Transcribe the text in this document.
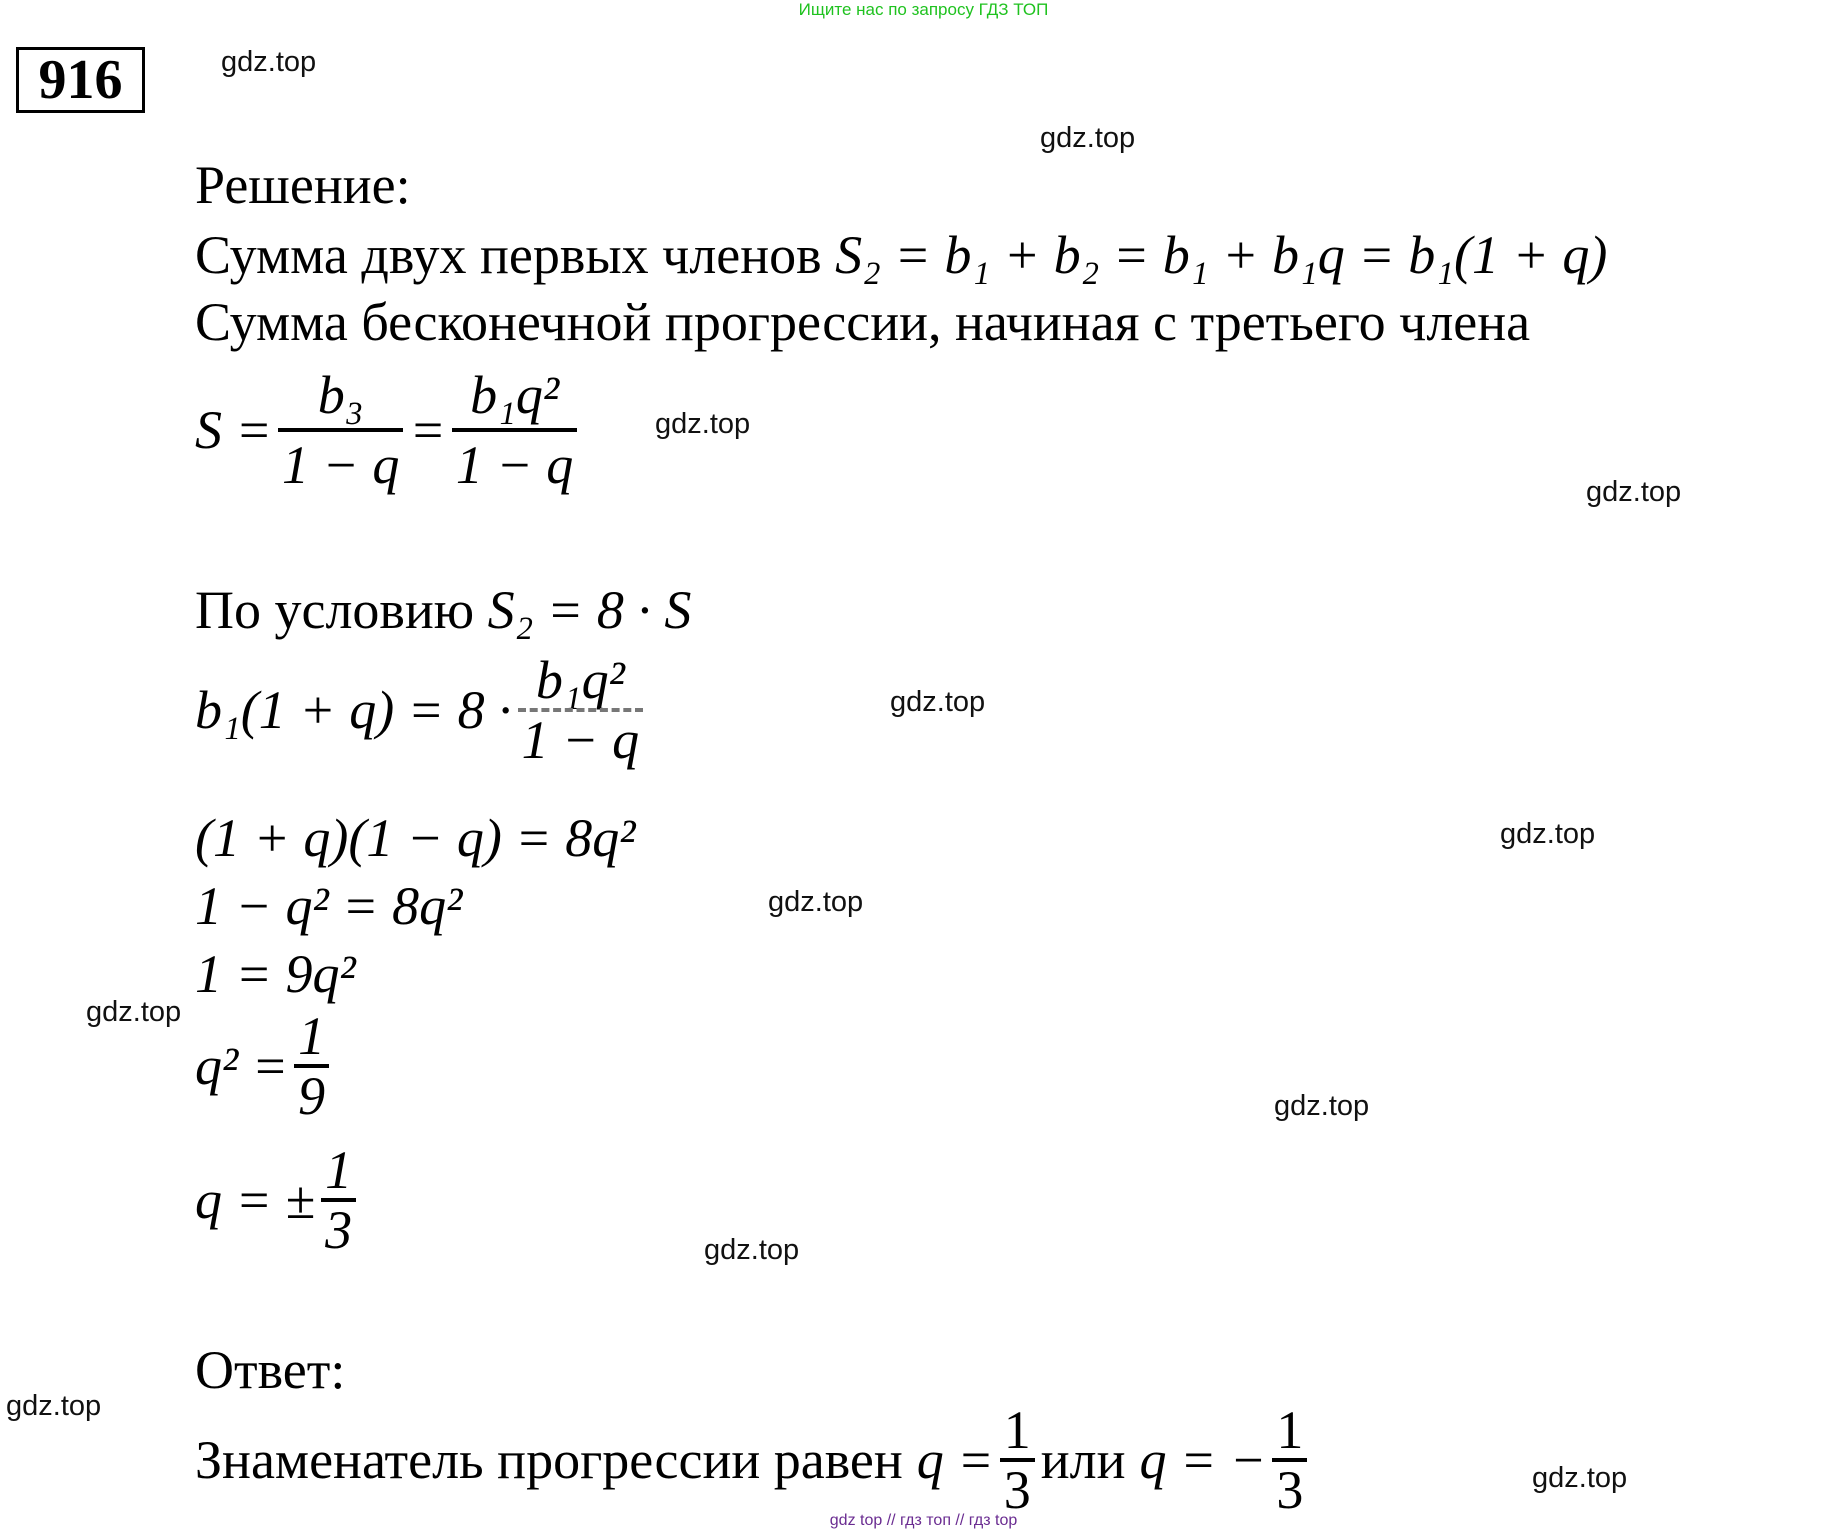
Ищите нас по запросу ГДЗ ТОП
916	gdz.top
gdz.top
gdz.top
gdz.top
gdz.top
gdz.top
gdz.top
gdz.top
gdz.top
gdz.top
gdz.top
gdz.top
Решение:
Сумма двух первых членов S₂ = b₁ + b₂ = b₁ + b₁q = b₁(1 + q)
Сумма бесконечной прогрессии, начиная с третьего члена
$S = \frac{\text{b₃}}{1 - q} = \frac{\text{b₁q²}}{1 - q}$
По условию S₂ = 8 · S
$b_1(1 + q) = 8 \cdot \frac{\text{b₁q²}}{1 - q}$
(1 + q)(1 − q) = 8q²
1 − q² = 8q²
1 = 9q²
$q^2 = \frac{1}{9}$
q = ± $\frac{1}{3}$
Ответ:
Знаменатель прогрессии равен $q = \frac{1}{3}$ или q = − $\frac{1}{3}$
gdz top // гдз топ // гдз top
